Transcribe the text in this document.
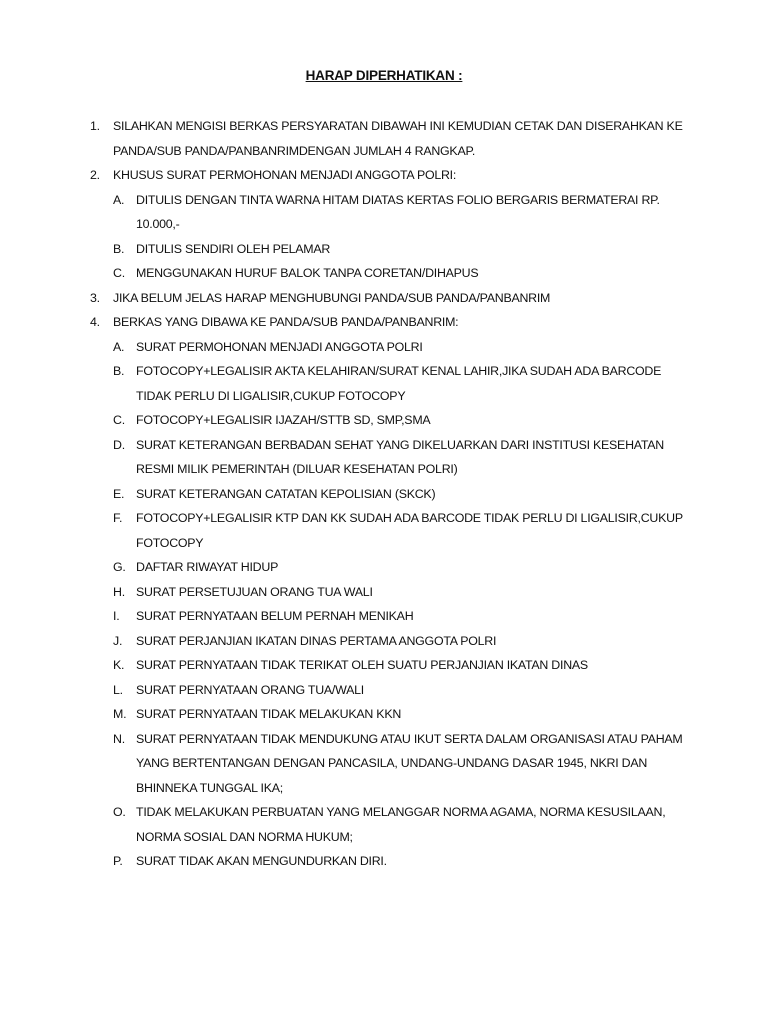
HARAP DIPERHATIKAN :
1. SILAHKAN MENGISI BERKAS PERSYARATAN DIBAWAH INI KEMUDIAN CETAK DAN DISERAHKAN KE PANDA/SUB PANDA/PANBANRIMDENGAN JUMLAH 4 RANGKAP.
2. KHUSUS SURAT PERMOHONAN MENJADI ANGGOTA POLRI:
A. DITULIS DENGAN TINTA WARNA HITAM DIATAS KERTAS FOLIO BERGARIS BERMATERAI RP. 10.000,-
B. DITULIS SENDIRI OLEH PELAMAR
C. MENGGUNAKAN HURUF BALOK TANPA CORETAN/DIHAPUS
3. JIKA BELUM JELAS HARAP MENGHUBUNGI PANDA/SUB PANDA/PANBANRIM
4. BERKAS YANG DIBAWA KE PANDA/SUB PANDA/PANBANRIM:
A. SURAT PERMOHONAN MENJADI ANGGOTA POLRI
B. FOTOCOPY+LEGALISIR AKTA KELAHIRAN/SURAT KENAL LAHIR,JIKA SUDAH ADA BARCODE TIDAK PERLU DI LIGALISIR,CUKUP FOTOCOPY
C. FOTOCOPY+LEGALISIR IJAZAH/STTB SD, SMP,SMA
D. SURAT KETERANGAN BERBADAN SEHAT YANG DIKELUARKAN DARI INSTITUSI KESEHATAN RESMI MILIK PEMERINTAH (DILUAR KESEHATAN POLRI)
E. SURAT KETERANGAN CATATAN KEPOLISIAN (SKCK)
F. FOTOCOPY+LEGALISIR KTP DAN KK SUDAH ADA BARCODE TIDAK PERLU DI LIGALISIR,CUKUP FOTOCOPY
G. DAFTAR RIWAYAT HIDUP
H. SURAT PERSETUJUAN ORANG TUA WALI
I. SURAT PERNYATAAN BELUM PERNAH MENIKAH
J. SURAT PERJANJIAN IKATAN DINAS PERTAMA ANGGOTA POLRI
K. SURAT PERNYATAAN TIDAK TERIKAT OLEH SUATU PERJANJIAN IKATAN DINAS
L. SURAT PERNYATAAN ORANG TUA/WALI
M. SURAT PERNYATAAN TIDAK MELAKUKAN KKN
N. SURAT PERNYATAAN TIDAK MENDUKUNG ATAU IKUT SERTA DALAM ORGANISASI ATAU PAHAM YANG BERTENTANGAN DENGAN PANCASILA, UNDANG-UNDANG DASAR 1945, NKRI DAN BHINNEKA TUNGGAL IKA;
O. TIDAK MELAKUKAN PERBUATAN YANG MELANGGAR NORMA AGAMA, NORMA KESUSILAAN, NORMA SOSIAL DAN NORMA HUKUM;
P. SURAT TIDAK AKAN MENGUNDURKAN DIRI.
